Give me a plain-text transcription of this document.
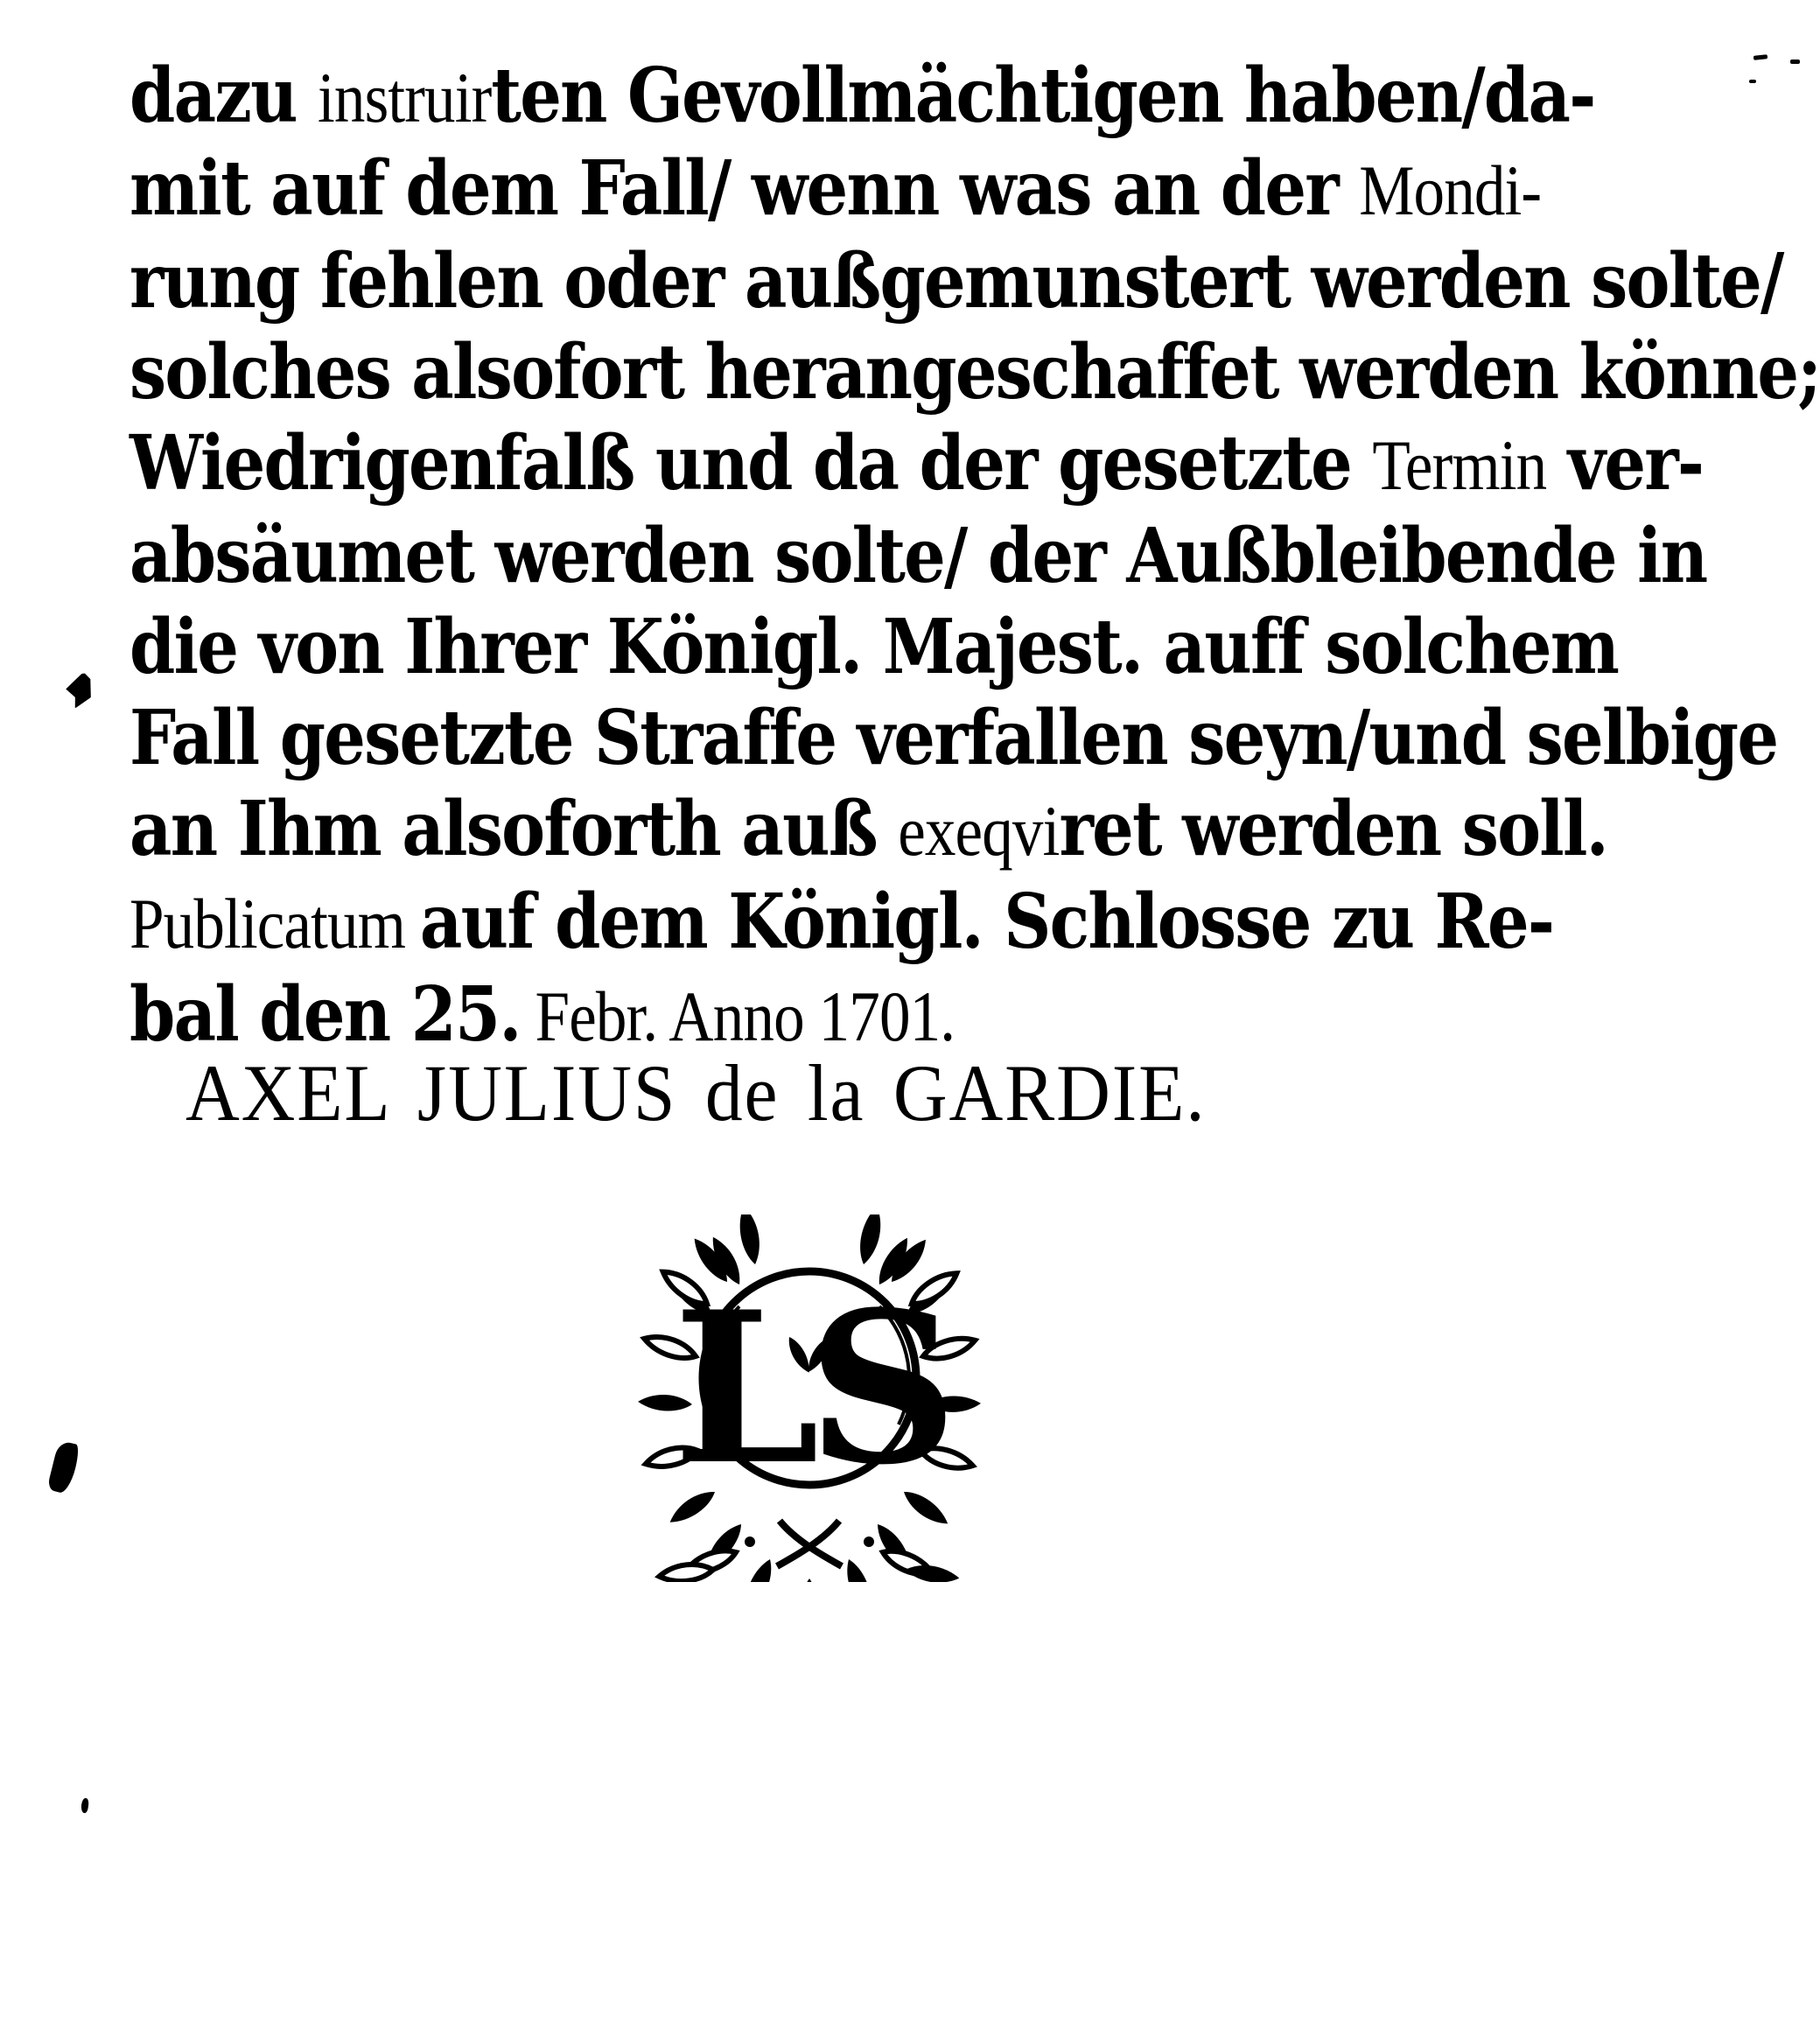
dazu instruirten Gevollmächtigen haben/da-

mit auf dem Fall/ wenn was an der Mondi-

rung fehlen oder außgemunstert werden solte/

solches alsofort herangeschaffet werden könne;

Wiedrigenfalß und da der gesetzte Termin ver-

absäumet werden solte/ der Außbleibende in

die von Ihrer Königl. Majest. auff solchem

Fall gesetzte Straffe verfallen seyn/und selbige

an Ihm alsoforth auß exeqviret werden soll.

Publicatum auf dem Königl. Schlosse zu Re-

bal den 25. Febr. Anno 1701.

AXEL JULIUS de la GARDIE.
LS
